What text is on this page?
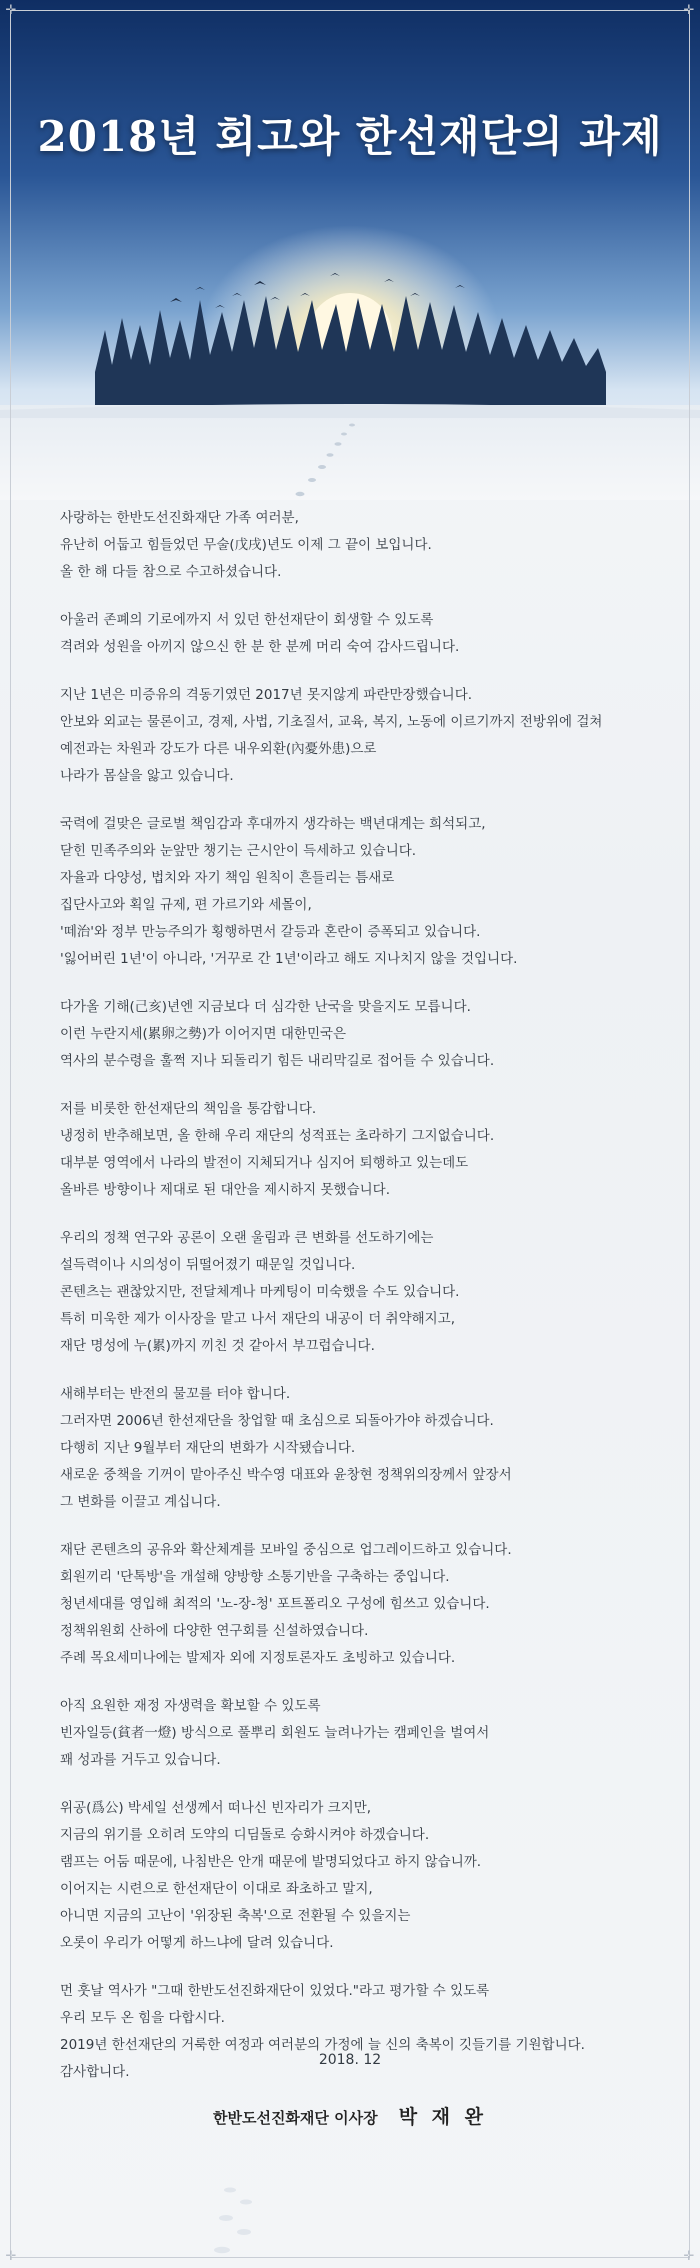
2018년 회고와 한선재단의 과제
사랑하는 한반도선진화재단 가족 여러분,
유난히 어둡고 힘들었던 무술(戊戌)년도 이제 그 끝이 보입니다.
올 한 해 다들 참으로 수고하셨습니다.
아울러 존폐의 기로에까지 서 있던 한선재단이 회생할 수 있도록
격려와 성원을 아끼지 않으신 한 분 한 분께 머리 숙여 감사드립니다.
지난 1년은 미증유의 격동기였던 2017년 못지않게 파란만장했습니다.
안보와 외교는 물론이고, 경제, 사법, 기초질서, 교육, 복지, 노동에 이르기까지 전방위에 걸쳐
예전과는 차원과 강도가 다른 내우외환(內憂外患)으로
나라가 몸살을 앓고 있습니다.
국력에 걸맞은 글로벌 책임감과 후대까지 생각하는 백년대계는 희석되고,
닫힌 민족주의와 눈앞만 챙기는 근시안이 득세하고 있습니다.
자율과 다양성, 법치와 자기 책임 원칙이 흔들리는 틈새로
집단사고와 획일 규제, 편 가르기와 세몰이,
'떼治'와 정부 만능주의가 횡행하면서 갈등과 혼란이 증폭되고 있습니다.
'잃어버린 1년'이 아니라, '거꾸로 간 1년'이라고 해도 지나치지 않을 것입니다.
다가올 기해(己亥)년엔 지금보다 더 심각한 난국을 맞을지도 모릅니다.
이런 누란지세(累卵之勢)가 이어지면 대한민국은
역사의 분수령을 훌쩍 지나 되돌리기 힘든 내리막길로 접어들 수 있습니다.
저를 비롯한 한선재단의 책임을 통감합니다.
냉정히 반추해보면, 올 한해 우리 재단의 성적표는 초라하기 그지없습니다.
대부분 영역에서 나라의 발전이 지체되거나 심지어 퇴행하고 있는데도
올바른 방향이나 제대로 된 대안을 제시하지 못했습니다.
우리의 정책 연구와 공론이 오랜 울림과 큰 변화를 선도하기에는
설득력이나 시의성이 뒤떨어졌기 때문일 것입니다.
콘텐츠는 괜찮았지만, 전달체계나 마케팅이 미숙했을 수도 있습니다.
특히 미욱한 제가 이사장을 맡고 나서 재단의 내공이 더 취약해지고,
재단 명성에 누(累)까지 끼친 것 같아서 부끄럽습니다.
새해부터는 반전의 물꼬를 터야 합니다.
그러자면 2006년 한선재단을 창업할 때 초심으로 되돌아가야 하겠습니다.
다행히 지난 9월부터 재단의 변화가 시작됐습니다.
새로운 중책을 기꺼이 맡아주신 박수영 대표와 윤창현 정책위의장께서 앞장서
그 변화를 이끌고 계십니다.
재단 콘텐츠의 공유와 확산체계를 모바일 중심으로 업그레이드하고 있습니다.
회원끼리 '단톡방'을 개설해 양방향 소통기반을 구축하는 중입니다.
청년세대를 영입해 최적의 '노-장-청' 포트폴리오 구성에 힘쓰고 있습니다.
정책위원회 산하에 다양한 연구회를 신설하였습니다.
주례 목요세미나에는 발제자 외에 지정토론자도 초빙하고 있습니다.
아직 요원한 재정 자생력을 확보할 수 있도록
빈자일등(貧者一燈) 방식으로 풀뿌리 회원도 늘려나가는 캠페인을 벌여서
꽤 성과를 거두고 있습니다.
위공(爲公) 박세일 선생께서 떠나신 빈자리가 크지만,
지금의 위기를 오히려 도약의 디딤돌로 승화시켜야 하겠습니다.
램프는 어둠 때문에, 나침반은 안개 때문에 발명되었다고 하지 않습니까.
이어지는 시련으로 한선재단이 이대로 좌초하고 말지,
아니면 지금의 고난이 '위장된 축복'으로 전환될 수 있을지는
오롯이 우리가 어떻게 하느냐에 달려 있습니다.
먼 훗날 역사가 "그때 한반도선진화재단이 있었다."라고 평가할 수 있도록
우리 모두 온 힘을 다합시다.
2019년 한선재단의 거룩한 여정과 여러분의 가정에 늘 신의 축복이 깃들기를 기원합니다.
감사합니다.
2018. 12
한반도선진화재단 이사장 박 재 완
✛	✛
✛	✛
